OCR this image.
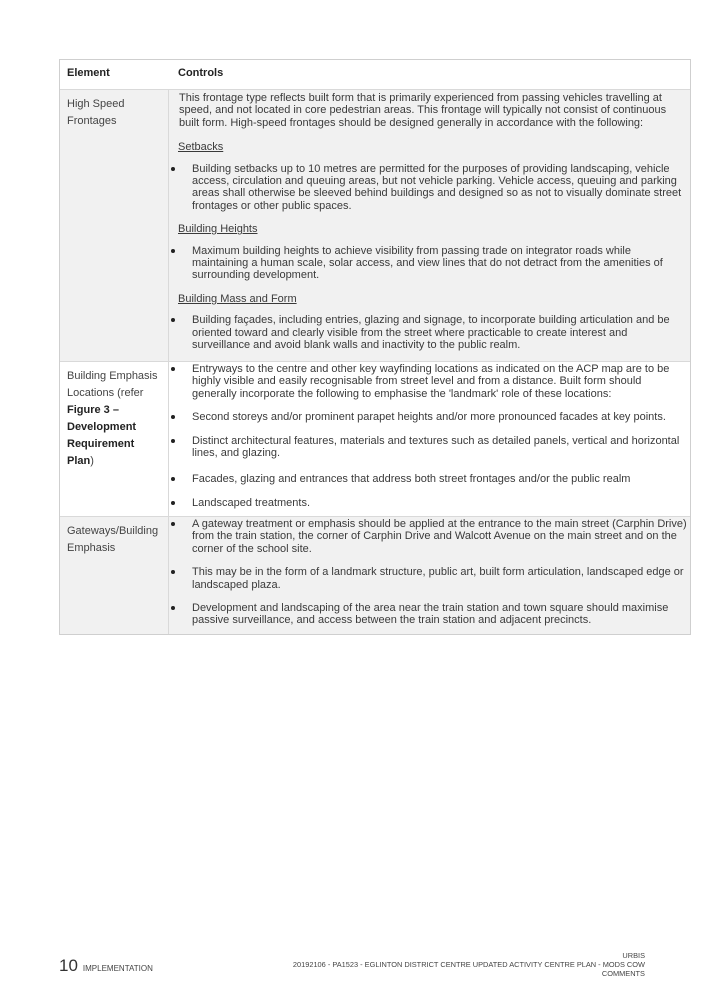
Element	Controls
High Speed Frontages

This frontage type reflects built form that is primarily experienced from passing vehicles travelling at speed, and not located in core pedestrian areas. This frontage will typically not consist of continuous built form. High-speed frontages should be designed generally in accordance with the following:

Setbacks
Building setbacks up to 10 metres are permitted for the purposes of providing landscaping, vehicle access, circulation and queuing areas, but not vehicle parking. Vehicle access, queuing and parking areas shall otherwise be sleeved behind buildings and designed so as not to visually dominate street frontages or other public spaces.
Building Heights
Maximum building heights to achieve visibility from passing trade on integrator roads while maintaining a human scale, solar access, and view lines that do not detract from the amenities of surrounding development.
Building Mass and Form
Building façades, including entries, glazing and signage, to incorporate building articulation and be oriented toward and clearly visible from the street where practicable to create interest and surveillance and avoid blank walls and inactivity to the public realm.
Building Emphasis Locations (refer Figure 3 – Development Requirement Plan)
Entryways to the centre and other key wayfinding locations as indicated on the ACP map are to be highly visible and easily recognisable from street level and from a distance. Built form should generally incorporate the following to emphasise the 'landmark' role of these locations:
Second storeys and/or prominent parapet heights and/or more pronounced facades at key points.
Distinct architectural features, materials and textures such as detailed panels, vertical and horizontal lines, and glazing.
Facades, glazing and entrances that address both street frontages and/or the public realm
Landscaped treatments.
Gateways/Building Emphasis
A gateway treatment or emphasis should be applied at the entrance to the main street (Carphin Drive) from the train station, the corner of Carphin Drive and Walcott Avenue on the main street and on the corner of the school site.
This may be in the form of a landmark structure, public art, built form articulation, landscaped edge or landscaped plaza.
Development and landscaping of the area near the train station and town square should maximise passive surveillance, and access between the train station and adjacent precincts.
10 IMPLEMENTATION
URBIS
20192106 - PA1523 - EGLINTON DISTRICT CENTRE UPDATED ACTIVITY CENTRE PLAN - MODS COW
COMMENTS
